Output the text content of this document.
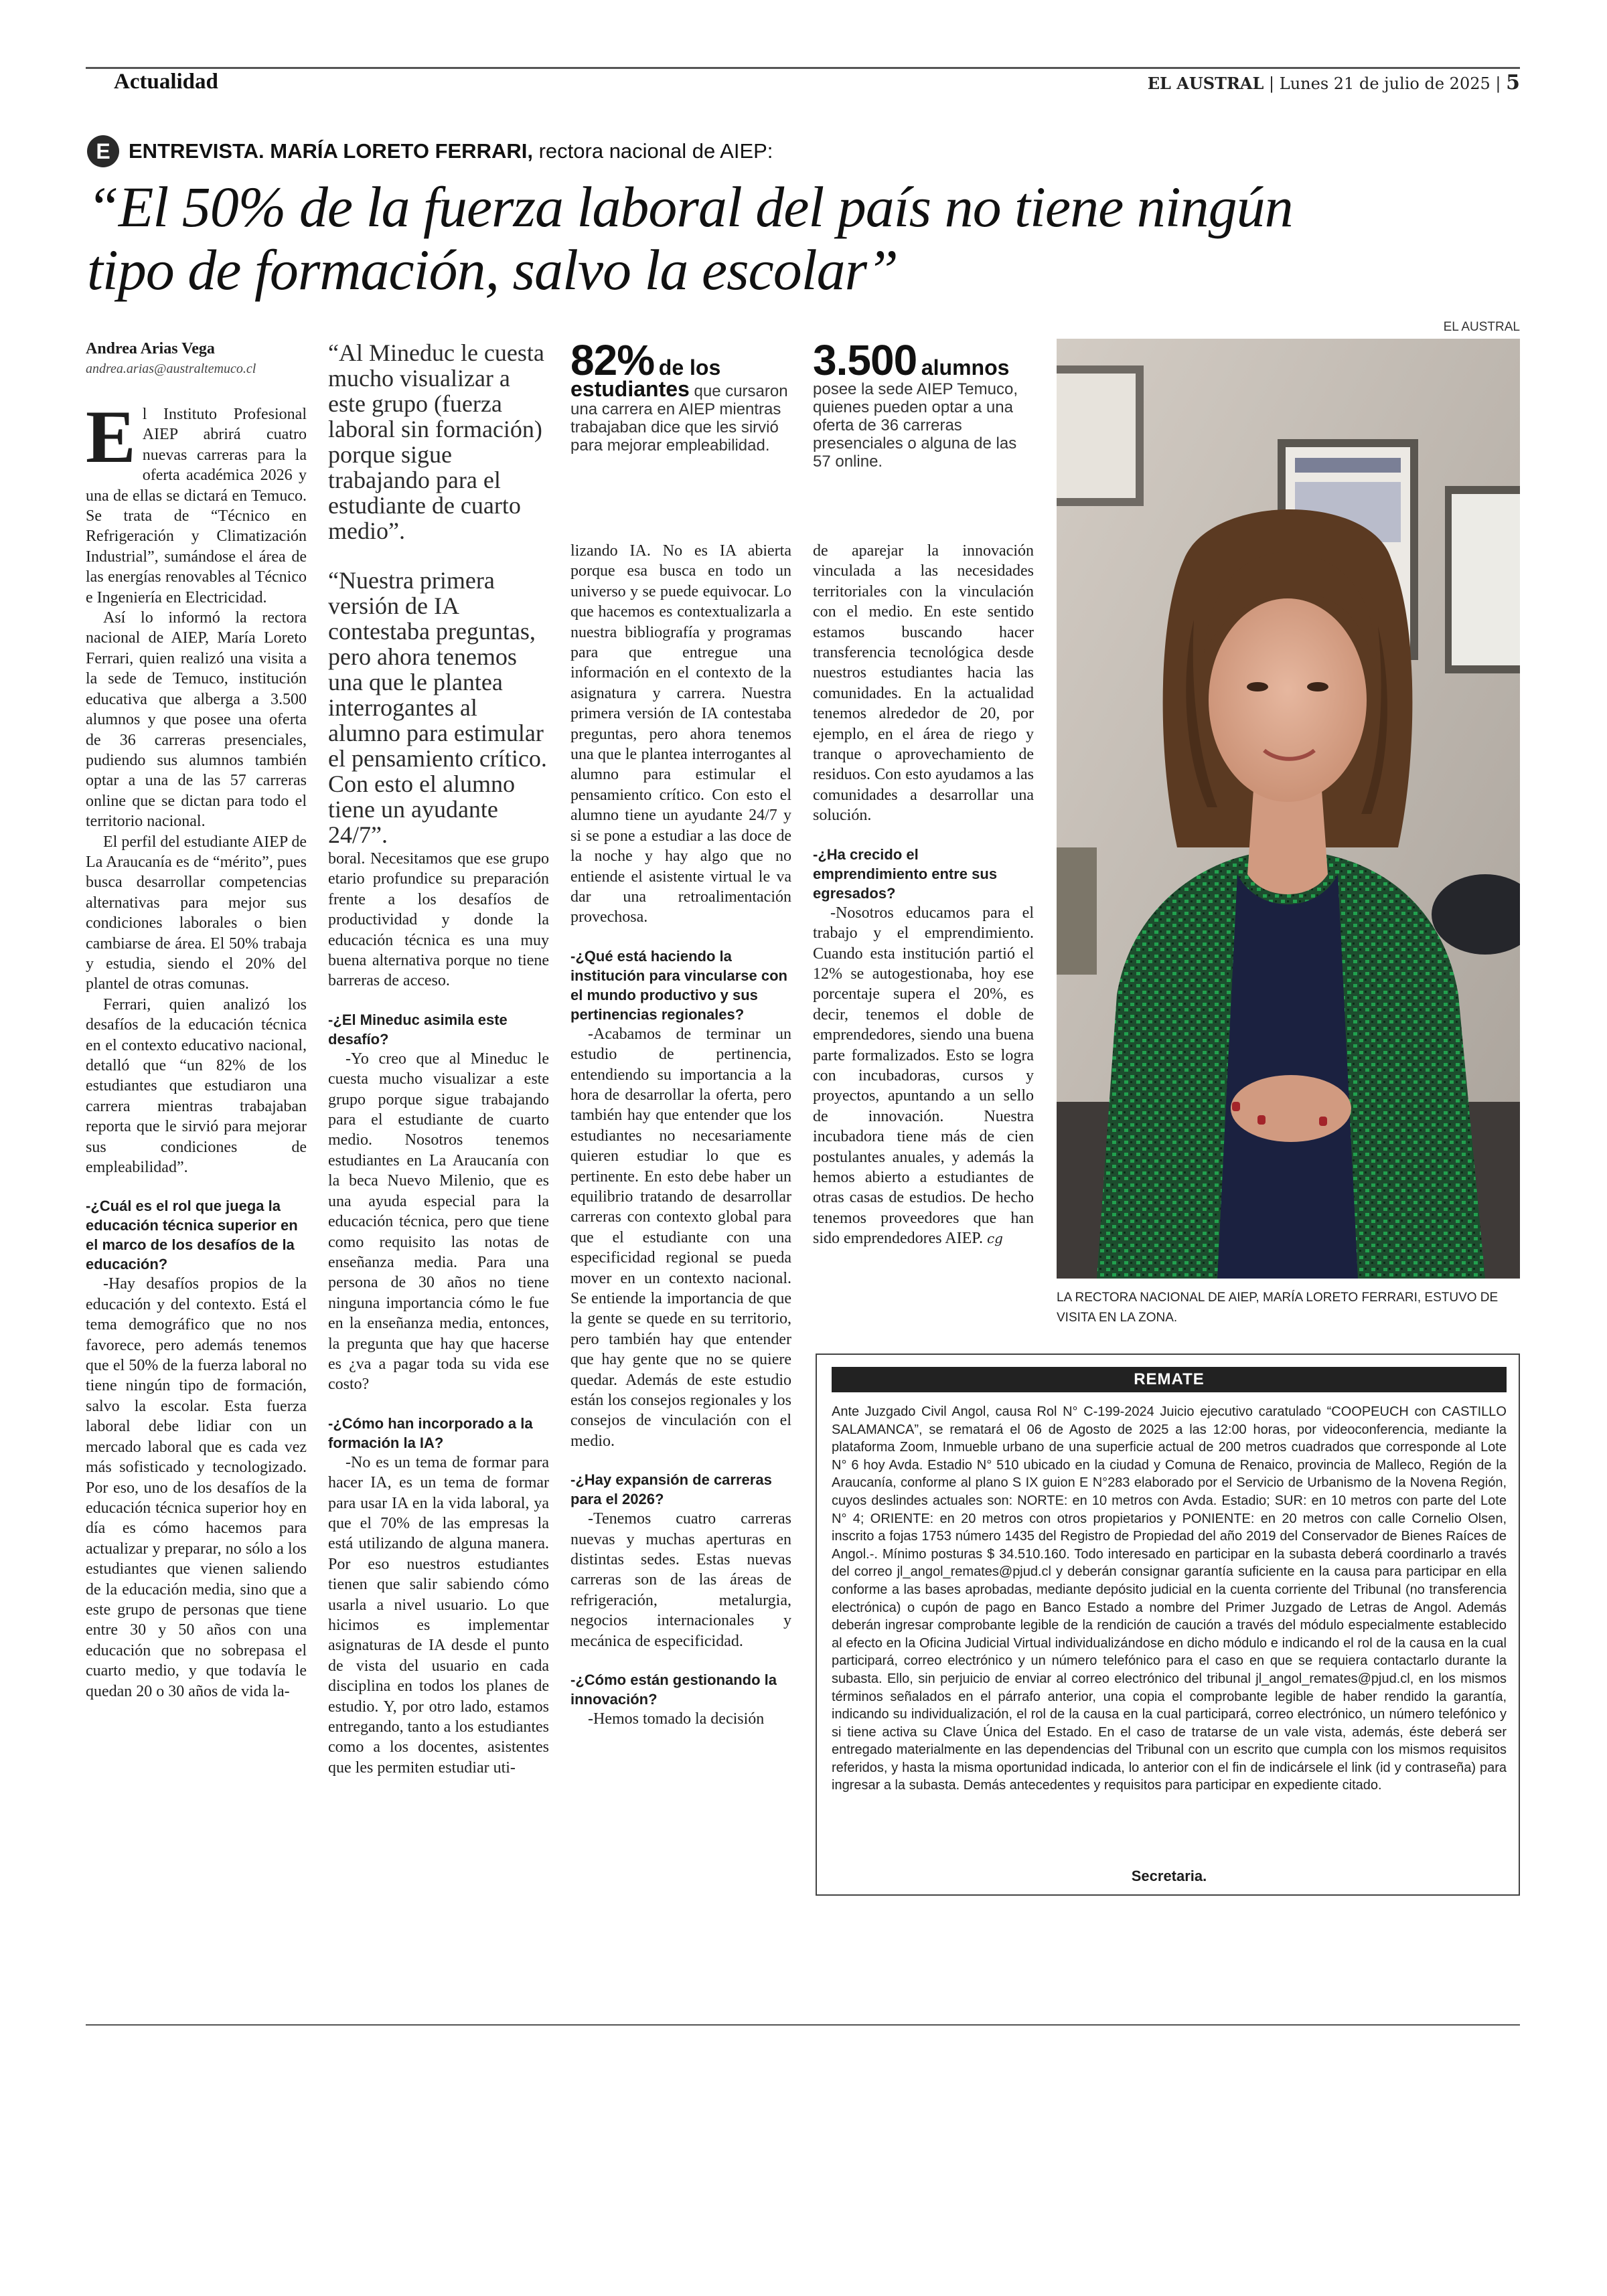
Actualidad	EL AUSTRAL | Lunes 21 de julio de 2025 | 5
E ENTREVISTA. MARÍA LORETO FERRARI, rectora nacional de AIEP:
“El 50% de la fuerza laboral del país no tiene ningún tipo de formación, salvo la escolar”
Andrea Arias Vega
andrea.arias@australtemuco.cl
“Al Mineduc le cuesta mucho visualizar a este grupo (fuerza laboral sin formación) porque sigue trabajando para el estudiante de cuarto medio”.
“Nuestra primera versión de IA contestaba preguntas, pero ahora tenemos una que le plantea interrogantes al alumno para estimular el pensamiento crítico. Con esto el alumno tiene un ayudante 24/7”.
82% de los estudiantes que cursaron una carrera en AIEP mientras trabajaban dice que les sirvió para mejorar empleabilidad.
3.500 alumnos
posee la sede AIEP Temuco, quienes pueden optar a una oferta de 36 carreras presenciales o alguna de las 57 online.
E l Instituto Profesional AIEP abrirá cuatro nuevas carreras para la oferta académica 2026 y una de ellas se dictará en Temuco. Se trata de “Técnico en Refrigeración y Climatización Industrial”, sumándose el área de las energías renovables al Técnico e Ingeniería en Electricidad.

Así lo informó la rectora nacional de AIEP, María Loreto Ferrari, quien realizó una visita a la sede de Temuco, institución educativa que alberga a 3.500 alumnos y que posee una oferta de 36 carreras presenciales, pudiendo sus alumnos también optar a una de las 57 carreras online que se dictan para todo el territorio nacional.

El perfil del estudiante AIEP de La Araucanía es de “mérito”, pues busca desarrollar competencias alternativas para mejor sus condiciones laborales o bien cambiarse de área. El 50% trabaja y estudia, siendo el 20% del plantel de otras comunas.

Ferrari, quien analizó los desafíos de la educación técnica en el contexto educativo nacional, detalló que “un 82% de los estudiantes que estudiaron una carrera mientras trabajaban reporta que le sirvió para mejorar sus condiciones de empleabilidad”.

-¿Cuál es el rol que juega la educación técnica superior en el marco de los desafíos de la educación?

-Hay desafíos propios de la educación y del contexto. Está el tema demográfico que no nos favorece, pero además tenemos que el 50% de la fuerza laboral no tiene ningún tipo de formación, salvo la escolar. Esta fuerza laboral debe lidiar con un mercado laboral que es cada vez más sofisticado y tecnologizado. Por eso, uno de los desafíos de la educación técnica superior hoy en día es cómo hacemos para actualizar y preparar, no sólo a los estudiantes que vienen saliendo de la educación media, sino que a este grupo de personas que tiene entre 30 y 50 años con una educación que no sobrepasa el cuarto medio, y que todavía le quedan 20 o 30 años de vida la-

boral. Necesitamos que ese grupo etario profundice su preparación frente a los desafíos de productividad y donde la educación técnica es una muy buena alternativa porque no tiene barreras de acceso.

-¿El Mineduc asimila este desafío?

-Yo creo que al Mineduc le cuesta mucho visualizar a este grupo porque sigue trabajando para el estudiante de cuarto medio. Nosotros tenemos estudiantes en La Araucanía con la beca Nuevo Milenio, que es una ayuda especial para la educación técnica, pero que tiene como requisito las notas de enseñanza media. Para una persona de 30 años no tiene ninguna importancia cómo le fue en la enseñanza media, entonces, la pregunta que hay que hacerse es ¿va a pagar toda su vida ese costo?

-¿Cómo han incorporado a la formación la IA?

-No es un tema de formar para hacer IA, es un tema de formar para usar IA en la vida laboral, ya que el 70% de las empresas la está utilizando de alguna manera. Por eso nuestros estudiantes tienen que salir sabiendo cómo usarla a nivel usuario. Lo que hicimos es implementar asignaturas de IA desde el punto de vista del usuario en cada disciplina en todos los planes de estudio. Y, por otro lado, estamos entregando, tanto a los estudiantes como a los docentes, asistentes que les permiten estudiar uti-

lizando IA. No es IA abierta porque esa busca en todo un universo y se puede equivocar. Lo que hacemos es contextualizarla a nuestra bibliografía y programas para que entregue una información en el contexto de la asignatura y carrera. Nuestra primera versión de IA contestaba preguntas, pero ahora tenemos una que le plantea interrogantes al alumno para estimular el pensamiento crítico. Con esto el alumno tiene un ayudante 24/7 y si se pone a estudiar a las doce de la noche y hay algo que no entiende el asistente virtual le va dar una retroalimentación provechosa.

-¿Qué está haciendo la institución para vincularse con el mundo productivo y sus pertinencias regionales?

-Acabamos de terminar un estudio de pertinencia, entendiendo su importancia a la hora de desarrollar la oferta, pero también hay que entender que los estudiantes no necesariamente quieren estudiar lo que es pertinente. En esto debe haber un equilibrio tratando de desarrollar carreras con contexto global para que el estudiante con una especificidad regional se pueda mover en un contexto nacional. Se entiende la importancia de que la gente se quede en su territorio, pero también hay que entender que hay gente que no se quiere quedar. Además de este estudio están los consejos regionales y los consejos de vinculación con el medio.

-¿Hay expansión de carreras para el 2026?

-Tenemos cuatro carreras nuevas y muchas aperturas en distintas sedes. Estas nuevas carreras son de las áreas de refrigeración, metalurgia, negocios internacionales y mecánica de especificidad.

-¿Cómo están gestionando la innovación?

-Hemos tomado la decisión

de aparejar la innovación vinculada a las necesidades territoriales con la vinculación con el medio. En este sentido estamos buscando hacer transferencia tecnológica desde nuestros estudiantes hacia las comunidades. En la actualidad tenemos alrededor de 20, por ejemplo, en el área de riego y tranque o aprovechamiento de residuos. Con esto ayudamos a las comunidades a desarrollar una solución.

-¿Ha crecido el emprendimiento entre sus egresados?

-Nosotros educamos para el trabajo y el emprendimiento. Cuando esta institución partió el 12% se autogestionaba, hoy ese porcentaje supera el 20%, es decir, tenemos el doble de emprendedores, siendo una buena parte formalizados. Esto se logra con incubadoras, cursos y proyectos, apuntando a un sello de innovación. Nuestra incubadora tiene más de cien postulantes anuales, y además la hemos abierto a estudiantes de otras casas de estudios. De hecho tenemos proveedores que han sido emprendedores AIEP. cg

EL AUSTRAL
LA RECTORA NACIONAL DE AIEP, MARÍA LORETO FERRARI, ESTUVO DE VISITA EN LA ZONA.
REMATE
Ante Juzgado Civil Angol, causa Rol N° C-199-2024 Juicio ejecutivo caratulado “COOPEUCH con CASTILLO SALAMANCA”, se rematará el 06 de Agosto de 2025 a las 12:00 horas, por videoconferencia, mediante la plataforma Zoom, Inmueble urbano de una superficie actual de 200 metros cuadrados que corresponde al Lote N° 6 hoy Avda. Estadio N° 510 ubicado en la ciudad y Comuna de Renaico, provincia de Malleco, Región de la Araucanía, conforme al plano S IX guion E N°283 elaborado por el Servicio de Urbanismo de la Novena Región, cuyos deslindes actuales son: NORTE: en 10 metros con Avda. Estadio; SUR: en 10 metros con parte del Lote N° 4; ORIENTE: en 20 metros con otros propietarios y PONIENTE: en 20 metros con calle Cornelio Olsen, inscrito a fojas 1753 número 1435 del Registro de Propiedad del año 2019 del Conservador de Bienes Raíces de Angol.-. Mínimo posturas $ 34.510.160. Todo interesado en participar en la subasta deberá coordinarlo a través del correo jl_angol_remates@pjud.cl y deberán consignar garantía suficiente en la causa para participar en ella conforme a las bases aprobadas, mediante depósito judicial en la cuenta corriente del Tribunal (no transferencia electrónica) o cupón de pago en Banco Estado a nombre del Primer Juzgado de Letras de Angol. Además deberán ingresar comprobante legible de la rendición de caución a través del módulo especialmente establecido al efecto en la Oficina Judicial Virtual individualizándose en dicho módulo e indicando el rol de la causa en la cual participará, correo electrónico y un número telefónico para el caso en que se requiera contactarlo durante la subasta. Ello, sin perjuicio de enviar al correo electrónico del tribunal jl_angol_remates@pjud.cl, en los mismos términos señalados en el párrafo anterior, una copia el comprobante legible de haber rendido la garantía, indicando su individualización, el rol de la causa en la cual participará, correo electrónico, un número telefónico y si tiene activa su Clave Única del Estado. En el caso de tratarse de un vale vista, además, éste deberá ser entregado materialmente en las dependencias del Tribunal con un escrito que cumpla con los mismos requisitos referidos, y hasta la misma oportunidad indicada, lo anterior con el fin de indicársele el link (id y contraseña) para ingresar a la subasta. Demás antecedentes y requisitos para participar en expediente citado.
Secretaria.
